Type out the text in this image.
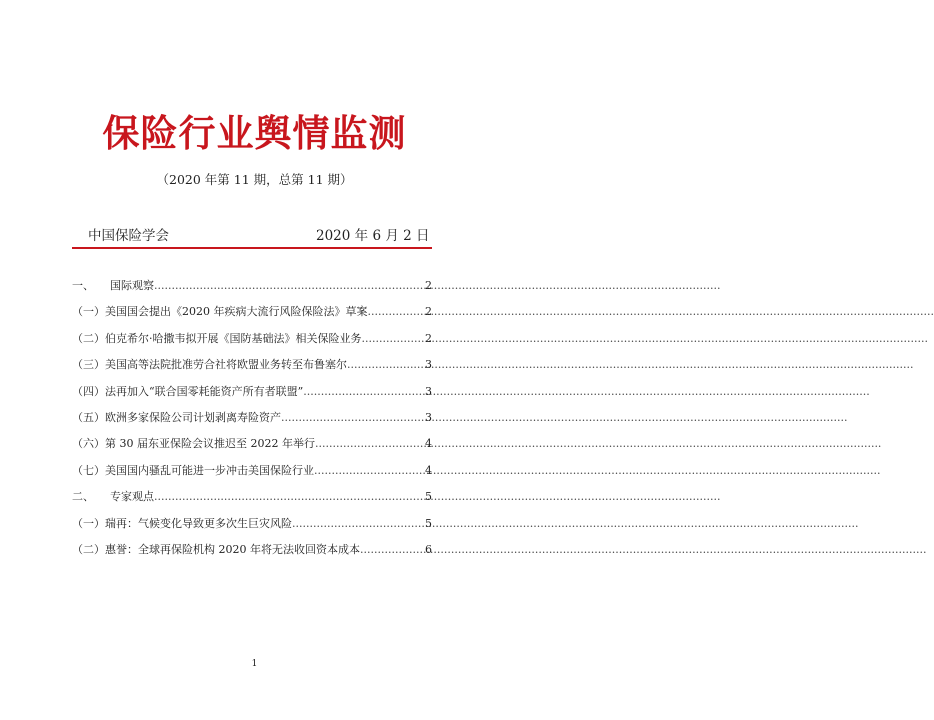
保险行业舆情监测
（2020 年第 11 期，总第 11 期）
中国保险学会	2020 年 6 月 2 日
一、	国际观察 .....	2
（一） 美国国会提出《2020 年疾病大流行风险保险法》草案 .....	2
（二） 伯克希尔·哈撒韦拟开展《国防基础法》相关保险业务 .....	2
（三） 美国高等法院批准劳合社将欧盟业务转至布鲁塞尔 .....	3
（四） 法再加入“联合国零耗能资产所有者联盟” .....	3
（五） 欧洲多家保险公司计划剥离寿险资产 .....	3
（六） 第 30 届东亚保险会议推迟至 2022 年举行 .....	4
（七） 美国国内骚乱可能进一步冲击美国保险行业 .....	4
二、	专家观点 .....	5
（一） 瑞再：气候变化导致更多次生巨灾风险 .....	5
（二） 惠誉：全球再保险机构 2020 年将无法收回资本成本 .....	6
1
